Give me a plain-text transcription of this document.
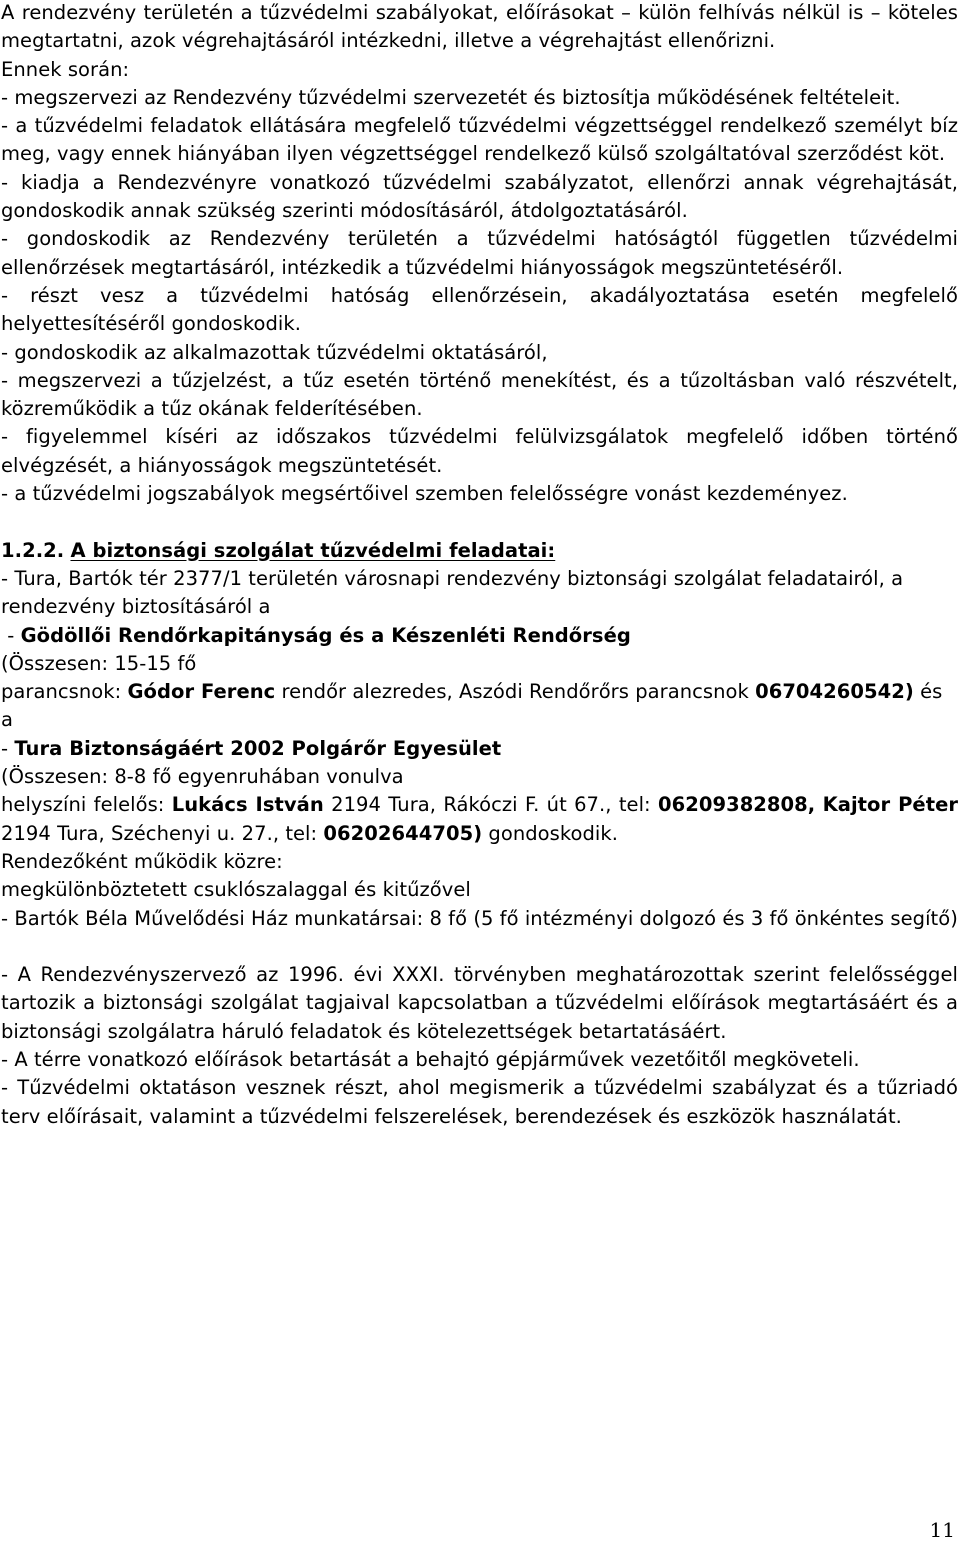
A rendezvény területén a tűzvédelmi szabályokat, előírásokat – külön felhívás nélkül is – köteles megtartatni, azok végrehajtásáról intézkedni, illetve a végrehajtást ellenőrizni.

Ennek során:

- megszervezi az Rendezvény tűzvédelmi szervezetét és biztosítja működésének feltételeit.

- a tűzvédelmi feladatok ellátására megfelelő tűzvédelmi végzettséggel rendelkező személyt bíz meg, vagy ennek hiányában ilyen végzettséggel rendelkező külső szolgáltatóval szerződést köt.

- kiadja a Rendezvényre vonatkozó tűzvédelmi szabályzatot, ellenőrzi annak végrehajtását, gondoskodik annak szükség szerinti módosításáról, átdolgoztatásáról.

- gondoskodik az Rendezvény területén a tűzvédelmi hatóságtól független tűzvédelmi ellenőrzések megtartásáról, intézkedik a tűzvédelmi hiányosságok megszüntetéséről.

- részt vesz a tűzvédelmi hatóság ellenőrzésein, akadályoztatása esetén megfelelő helyettesítéséről gondoskodik.

- gondoskodik az alkalmazottak tűzvédelmi oktatásáról,

- megszervezi a tűzjelzést, a tűz esetén történő menekítést, és a tűzoltásban való részvételt, közreműködik a tűz okának felderítésében.

- figyelemmel kíséri az időszakos tűzvédelmi felülvizsgálatok megfelelő időben történő elvégzését, a hiányosságok megszüntetését.

- a tűzvédelmi jogszabályok megsértőivel szemben felelősségre vonást kezdeményez.

1.2.2. A biztonsági szolgálat tűzvédelmi feladatai:

- Tura, Bartók tér 2377/1 területén városnapi rendezvény biztonsági szolgálat feladatairól, a rendezvény biztosításáról a

- Gödöllői Rendőrkapitányság és a Készenléti Rendőrség

(Összesen: 15-15 fő

parancsnok: Gódor Ferenc rendőr alezredes, Aszódi Rendőrőrs parancsnok 06704260542) és a

- Tura Biztonságáért 2002 Polgárőr Egyesület

(Összesen: 8-8 fő egyenruhában vonulva

helyszíni felelős: Lukács István 2194 Tura, Rákóczi F. út 67., tel: 06209382808, Kajtor Péter 2194 Tura, Széchenyi u. 27., tel: 06202644705) gondoskodik.

Rendezőként működik közre:

megkülönböztetett csuklószalaggal és kitűzővel

- Bartók Béla Művelődési Ház munkatársai: 8 fő (5 fő intézményi dolgozó és 3 fő önkéntes segítő)

- A Rendezvényszervező az 1996. évi XXXI. törvényben meghatározottak szerint felelősséggel tartozik a biztonsági szolgálat tagjaival kapcsolatban a tűzvédelmi előírások megtartásáért és a biztonsági szolgálatra háruló feladatok és kötelezettségek betartatásáért.

- A térre vonatkozó előírások betartását a behajtó gépjárművek vezetőitől megköveteli.

- Tűzvédelmi oktatáson vesznek részt, ahol megismerik a tűzvédelmi szabályzat és a tűzriadó terv előírásait, valamint a tűzvédelmi felszerelések, berendezések és eszközök használatát.

11
